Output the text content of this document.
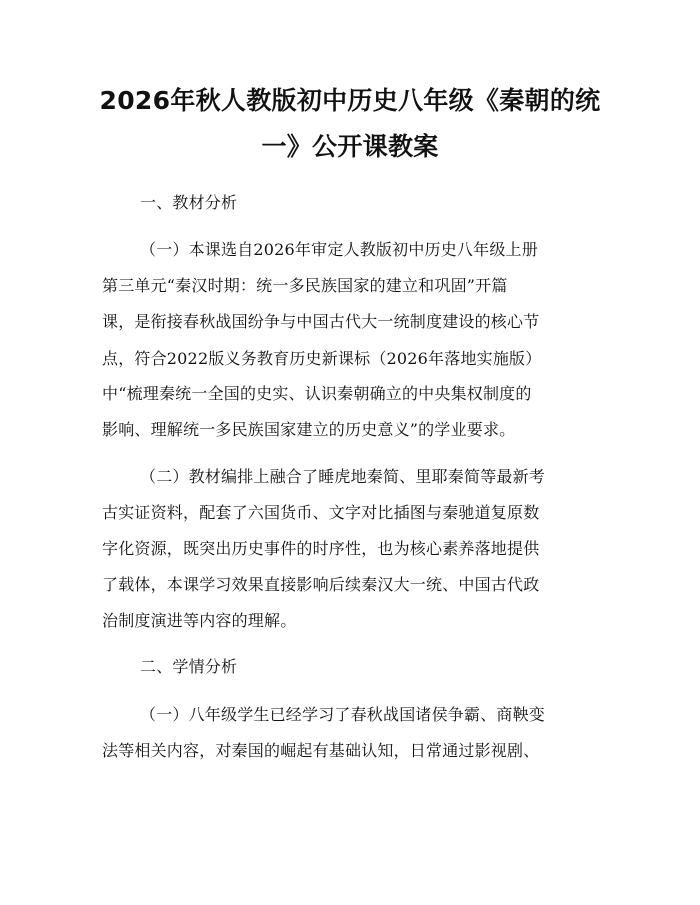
2026年秋人教版初中历史八年级《秦朝的统
一》公开课教案
一、教材分析
（一）本课选自2026年审定人教版初中历史八年级上册
第三单元“秦汉时期：统一多民族国家的建立和巩固”开篇
课，是衔接春秋战国纷争与中国古代大一统制度建设的核心节
点，符合2022版义务教育历史新课标（2026年落地实施版）
中“梳理秦统一全国的史实、认识秦朝确立的中央集权制度的
影响、理解统一多民族国家建立的历史意义”的学业要求。
（二）教材编排上融合了睡虎地秦简、里耶秦简等最新考
古实证资料，配套了六国货币、文字对比插图与秦驰道复原数
字化资源，既突出历史事件的时序性，也为核心素养落地提供
了载体，本课学习效果直接影响后续秦汉大一统、中国古代政
治制度演进等内容的理解。
二、学情分析
（一）八年级学生已经学习了春秋战国诸侯争霸、商鞅变
法等相关内容，对秦国的崛起有基础认知，日常通过影视剧、
